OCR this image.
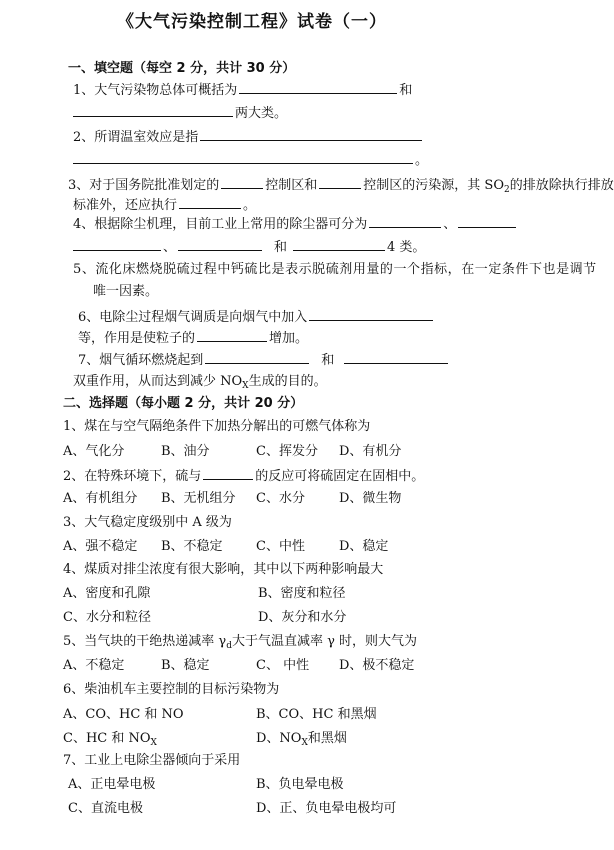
《大气污染控制工程》试卷（一）
一、填空题（每空 2 分，共计 30 分）
1、大气污染物总体可概括为	和
两大类。
2、所谓温室效应是指
。
3、对于国务院批准划定的	控制区和	控制区的污染源，其 $SO_2$的排放除执行排放
标准外，还应执行	。
4、根据除尘机理，目前工业上常用的除尘器可分为	、
、	和	4 类。
5、流化床燃烧脱硫过程中钙硫比是表示脱硫剂用量的一个指标，在一定条件下也是调节
唯一因素。
6、电除尘过程烟气调质是向烟气中加入
等，作用是使粒子的	增加。
7、烟气循环燃烧起到	和
双重作用，从而达到减少 $NO_X$生成的目的。
二、选择题（每小题 2 分，共计 20 分）
1、煤在与空气隔绝条件下加热分解出的可燃气体称为
A、气化分	B、油分	C、挥发分 D、有机分
2、在特殊环境下，硫与	的反应可将硫固定在固相中。
A、有机组分 B、无机组分 C、水分	D、微生物
3、大气稳定度级别中 A 级为
A、强不稳定 B、不稳定	C、中性	D、稳定
4、煤质对排尘浓度有很大影响，其中以下两种影响最大
A、密度和孔隙	B、密度和粒径
C、水分和粒径	D、灰分和水分
5、当气块的干绝热递减率 $\gamma_d$大于气温直减率 γ 时，则大气为
A、不稳定	B、稳定	C、 中性 D、极不稳定
6、柴油机车主要控制的目标污染物为
A、CO、HC 和 NO	B、CO、HC 和黑烟
C、HC 和 $NO_X$	D、$NO_X$和黑烟
7、工业上电除尘器倾向于采用
A、正电晕电极	B、负电晕电极
C、直流电极	D、正、负电晕电极均可
